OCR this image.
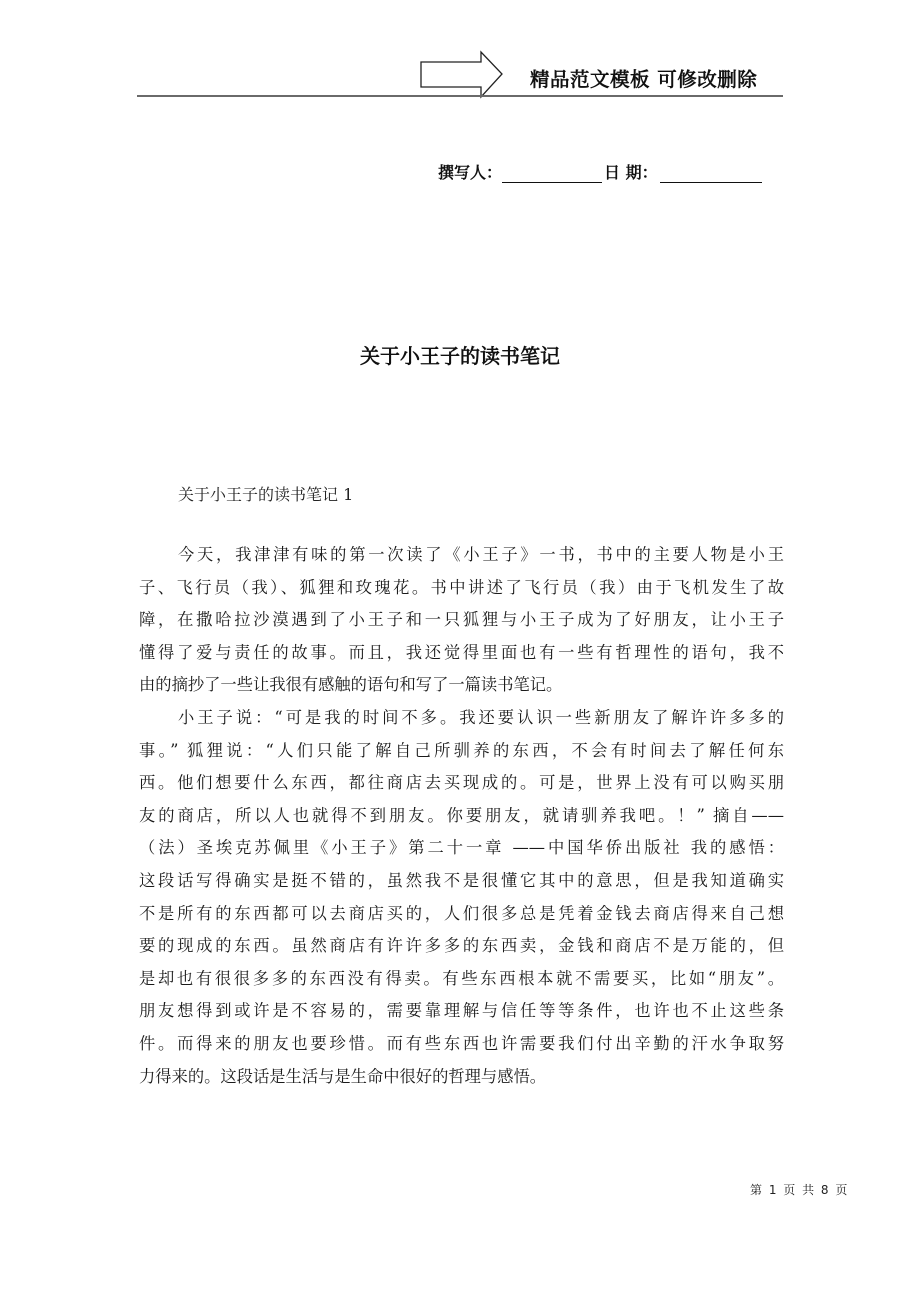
精品范文模板 可修改删除
撰写人：	日 期：
关于小王子的读书笔记
关于小王子的读书笔记 1
今天，我津津有味的第一次读了《小王子》一书，书中的主要人物是小王
子、飞行员（我）、狐狸和玫瑰花。书中讲述了飞行员（我）由于飞机发生了故
障，在撒哈拉沙漠遇到了小王子和一只狐狸与小王子成为了好朋友，让小王子
懂得了爱与责任的故事。而且，我还觉得里面也有一些有哲理性的语句，我不
由的摘抄了一些让我很有感触的语句和写了一篇读书笔记。
小王子说：“可是我的时间不多。我还要认识一些新朋友了解许许多多的
事。” 狐狸说：“人们只能了解自己所驯养的东西，不会有时间去了解任何东
西。他们想要什么东西，都往商店去买现成的。可是，世界上没有可以购买朋
友的商店，所以人也就得不到朋友。你要朋友，就请驯养我吧。！” 摘自——
（法）圣埃克苏佩里《小王子》第二十一章 ——中国华侨出版社 我的感悟：
这段话写得确实是挺不错的，虽然我不是很懂它其中的意思，但是我知道确实
不是所有的东西都可以去商店买的，人们很多总是凭着金钱去商店得来自己想
要的现成的东西。虽然商店有许许多多的东西卖，金钱和商店不是万能的，但
是却也有很很多多的东西没有得卖。有些东西根本就不需要买，比如“朋友”。
朋友想得到或许是不容易的，需要靠理解与信任等等条件，也许也不止这些条
件。而得来的朋友也要珍惜。而有些东西也许需要我们付出辛勤的汗水争取努
力得来的。这段话是生活与是生命中很好的哲理与感悟。
第 1 页 共 8 页
